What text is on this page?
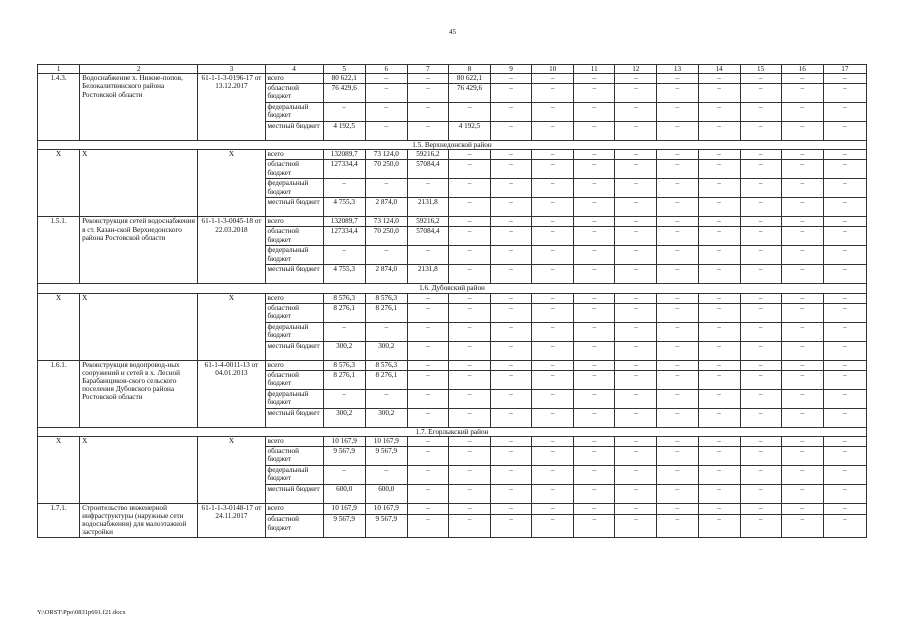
45
1	2	3	4	5	6	7	8	9	10	11	12	13	14	15	16	17
1.4.3.	Водоснабжение х. Нижне-попов, Белокалитвинского района Ростовской области	61-1-1-3-0196-17 от 13.12.2017	всего	80 622,1	–	–	80 622,1	–	–	–	–	–	–	–	–	–
			областной бюджет	76 429,6	–	–	76 429,6	–	–	–	–	–	–	–	–	–
			федеральный бюджет	–	–	–	–	–	–	–	–	–	–	–	–	–
			местный бюджет	4 192,5	–	–	4 192,5	–	–	–	–	–	–	–	–	–
1.5. Верхнедонской район																
Х	Х	Х	всего	132089,7	73 124,0	59216,2	–	–	–	–	–	–	–	–	–	–
			областной бюджет	127334,4	70 250,0	57084,4	–	–	–	–	–	–	–	–	–	–
			федеральный бюджет	–	–	–	–	–	–	–	–	–	–	–	–	–
			местный бюджет	4 755,3	2 874,0	2131,8	–	–	–	–	–	–	–	–	–	–
1.5.1.	Реконструкция сетей водоснабжения в ст. Казан-ской Верхнедонского района Ростовской области	61-1-1-3-0045-18 от 22.03.2018	всего	132089,7	73 124,0	59216,2	–	–	–	–	–	–	–	–	–	–
			областной бюджет	127334,4	70 250,0	57084,4	–	–	–	–	–	–	–	–	–	–
			федеральный бюджет	–	–	–	–	–	–	–	–	–	–	–	–	–
			местный бюджет	4 755,3	2 874,0	2131,8	–	–	–	–	–	–	–	–	–	–
1.6. Дубовский район																
Х	Х	Х	всего	8 576,3	8 576,3	–	–	–	–	–	–	–	–	–	–	–
			областной бюджет	8 276,1	8 276,1	–	–	–	–	–	–	–	–	–	–	–
			федеральный бюджет	–	–	–	–	–	–	–	–	–	–	–	–	–
			местный бюджет	300,2	300,2	–	–	–	–	–	–	–	–	–	–	–
1.6.1.	Реконструкция водопровод-ных сооружений и сетей в х. Лесной Барабанщиков-ского сельского поселения Дубовского района Ростовской области	61-1-4-0011-13 от 04.01.2013	всего	8 576,3	8 576,3	–	–	–	–	–	–	–	–	–	–	–
			областной бюджет	8 276,1	8 276,1	–	–	–	–	–	–	–	–	–	–	–
			федеральный бюджет	–	–	–	–	–	–	–	–	–	–	–	–	–
			местный бюджет	300,2	300,2	–	–	–	–	–	–	–	–	–	–	–
1.7. Егорлыкский район																
Х	Х	Х	всего	10 167,9	10 167,9	–	–	–	–	–	–	–	–	–	–	–
			областной бюджет	9 567,9	9 567,9	–	–	–	–	–	–	–	–	–	–	–
			федеральный бюджет	–	–	–	–	–	–	–	–	–	–	–	–	–
			местный бюджет	600,0	600,0	–	–	–	–	–	–	–	–	–	–	–
1.7.1.	Строительство инженерной инфраструктуры (наружные сети водоснабжения) для малоэтажной застройки	61-1-1-3-0148-17 от 24.11.2017	всего	10 167,9	10 167,9	–	–	–	–	–	–	–	–	–	–	–
			областной бюджет	9 567,9	9 567,9	–	–	–	–	–	–	–	–	–	–	–
Y:\ORST\Ppo\0831p691.f21.docx
